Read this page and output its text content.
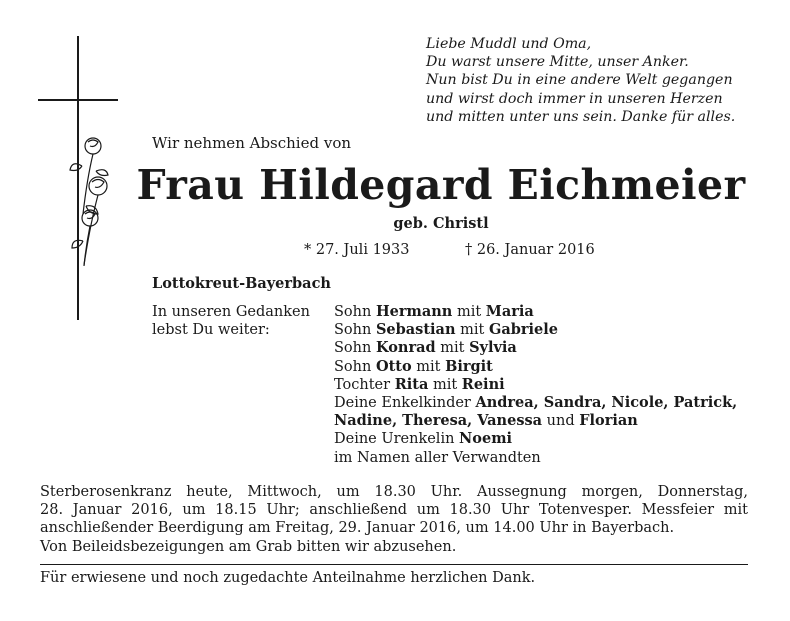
Liebe Muddl und Oma,
Du warst unsere Mitte, unser Anker.
Nun bist Du in eine andere Welt gegangen
und wirst doch immer in unseren Herzen
und mitten unter uns sein. Danke für alles.
Wir nehmen Abschied von
Frau Hildegard Eichmeier
geb. Christl
* 27. Juli 1933	† 26. Januar 2016
Lottokreut-Bayerbach
In unseren Gedanken
lebst Du weiter:
Sohn Hermann mit Maria
Sohn Sebastian mit Gabriele
Sohn Konrad mit Sylvia
Sohn Otto mit Birgit
Tochter Rita mit Reini
Deine Enkelkinder Andrea, Sandra, Nicole, Patrick,
Nadine, Theresa, Vanessa und Florian
Deine Urenkelin Noemi
im Namen aller Verwandten
Sterberosenkranz heute, Mittwoch, um 18.30 Uhr. Aussegnung morgen, Donnerstag,
28. Januar 2016, um 18.15 Uhr; anschließend um 18.30 Uhr Totenvesper. Messfeier mit
anschließender Beerdigung am Freitag, 29. Januar 2016, um 14.00 Uhr in Bayerbach.
Von Beileidsbezeigungen am Grab bitten wir abzusehen.
Für erwiesene und noch zugedachte Anteilnahme herzlichen Dank.
